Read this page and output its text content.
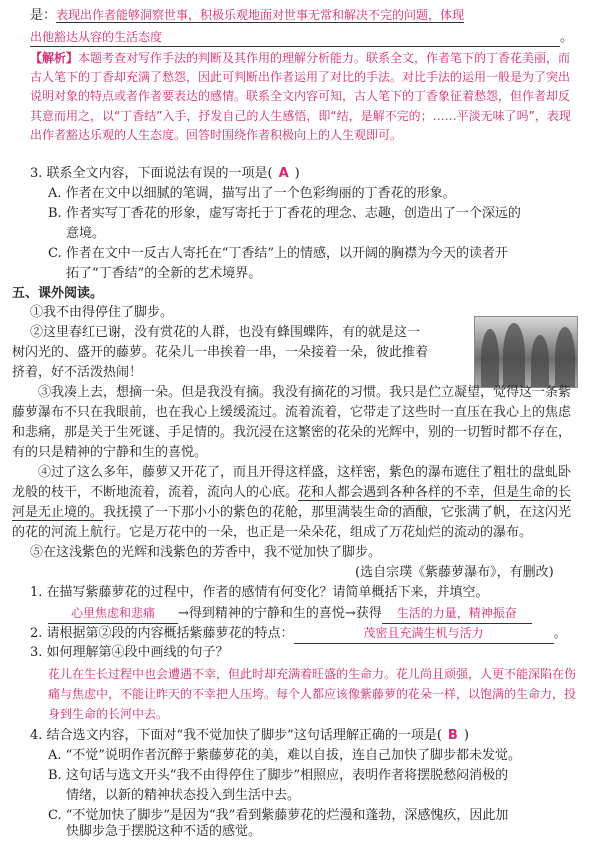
是：表现出作者能够洞察世事，积极乐观地面对世事无常和解决不完的问题，体现
出他豁达从容的生活态度	。
【解析】本题考查对写作手法的判断及其作用的理解分析能力。联系全文，作者笔下的丁香花美丽，而古人笔下的丁香却充满了愁怨，因此可判断出作者运用了对比的手法。对比手法的运用一般是为了突出说明对象的特点或者作者要表达的感情。联系全文内容可知，古人笔下的丁香象征着愁怨，但作者却反其意而用之，以“丁香结”入手，抒发自己的人生感悟，即“结，是解不完的；……平淡无味了吗”，表现出作者豁达乐观的人生态度。回答时围绕作者积极向上的人生观即可。
3. 联系全文内容，下面说法有误的一项是( A )
A. 作者在文中以细腻的笔调，描写出了一个色彩绚丽的丁香花的形象。
B. 作者实写丁香花的形象，虚写寄托于丁香花的理念、志趣，创造出了一个深远的
意境。
C. 作者在文中一反古人寄托在“丁香结”上的情感，以开阔的胸襟为今天的读者开
拓了“丁香结”的全新的艺术境界。
五、课外阅读。
①我不由得停住了脚步。
②这里春红已谢，没有赏花的人群，也没有蜂围蝶阵，有的就是这一
树闪光的、盛开的藤萝。花朵儿一串挨着一串，一朵接着一朵，彼此推着
挤着，好不活泼热闹！
③我凑上去，想摘一朵。但是我没有摘。我没有摘花的习惯。我只是伫立凝望，觉得这一条紫藤萝瀑布不只在我眼前，也在我心上缓缓流过。流着流着，它带走了这些时一直压在我心上的焦虑和悲痛，那是关于生死谜、手足情的。我沉浸在这繁密的花朵的光辉中，别的一切暂时都不存在，有的只是精神的宁静和生的喜悦。
④过了这么多年，藤萝又开花了，而且开得这样盛，这样密，紫色的瀑布遮住了粗壮的盘虬卧龙般的枝干，不断地流着，流着，流向人的心底。花和人都会遇到各种各样的不幸，但是生命的长河是无止境的。我抚摸了一下那小小的紫色的花舱，那里满装生命的酒酿，它张满了帆，在这闪光的花的河流上航行。它是万花中的一朵，也正是一朵朵花，组成了万花灿烂的流动的瀑布。
⑤在这浅紫色的光辉和浅紫色的芳香中，我不觉加快了脚步。
(选自宗璞《紫藤萝瀑布》，有删改)
1. 在描写紫藤萝花的过程中，作者的感情有何变化？请简单概括下来，并填空。
心里焦虑和悲痛 →得到精神的宁静和生的喜悦→获得 生活的力量，精神振奋
2. 请根据第②段的内容概括紫藤萝花的特点：	茂密且充满生机与活力	。
3. 如何理解第④段中画线的句子？
花儿在生长过程中也会遭遇不幸，但此时却充满着旺盛的生命力。花儿尚且顽强，人更不能深陷在伤痛与焦虑中，不能让昨天的不幸把人压垮。每个人都应该像紫藤萝的花朵一样，以饱满的生命力，投身到生命的长河中去。
4. 结合选文内容，下面对“我不觉加快了脚步”这句话理解正确的一项是( B )
A. “不觉”说明作者沉醉于紫藤萝花的美，难以自拔，连自己加快了脚步都未发觉。
B. 这句话与选文开头“我不由得停住了脚步”相照应，表明作者将摆脱愁闷消极的
情绪，以新的精神状态投入到生活中去。
C. “不觉加快了脚步”是因为“我”看到紫藤萝花的烂漫和蓬勃，深感愧疚，因此加
快脚步急于摆脱这种不适的感觉。
